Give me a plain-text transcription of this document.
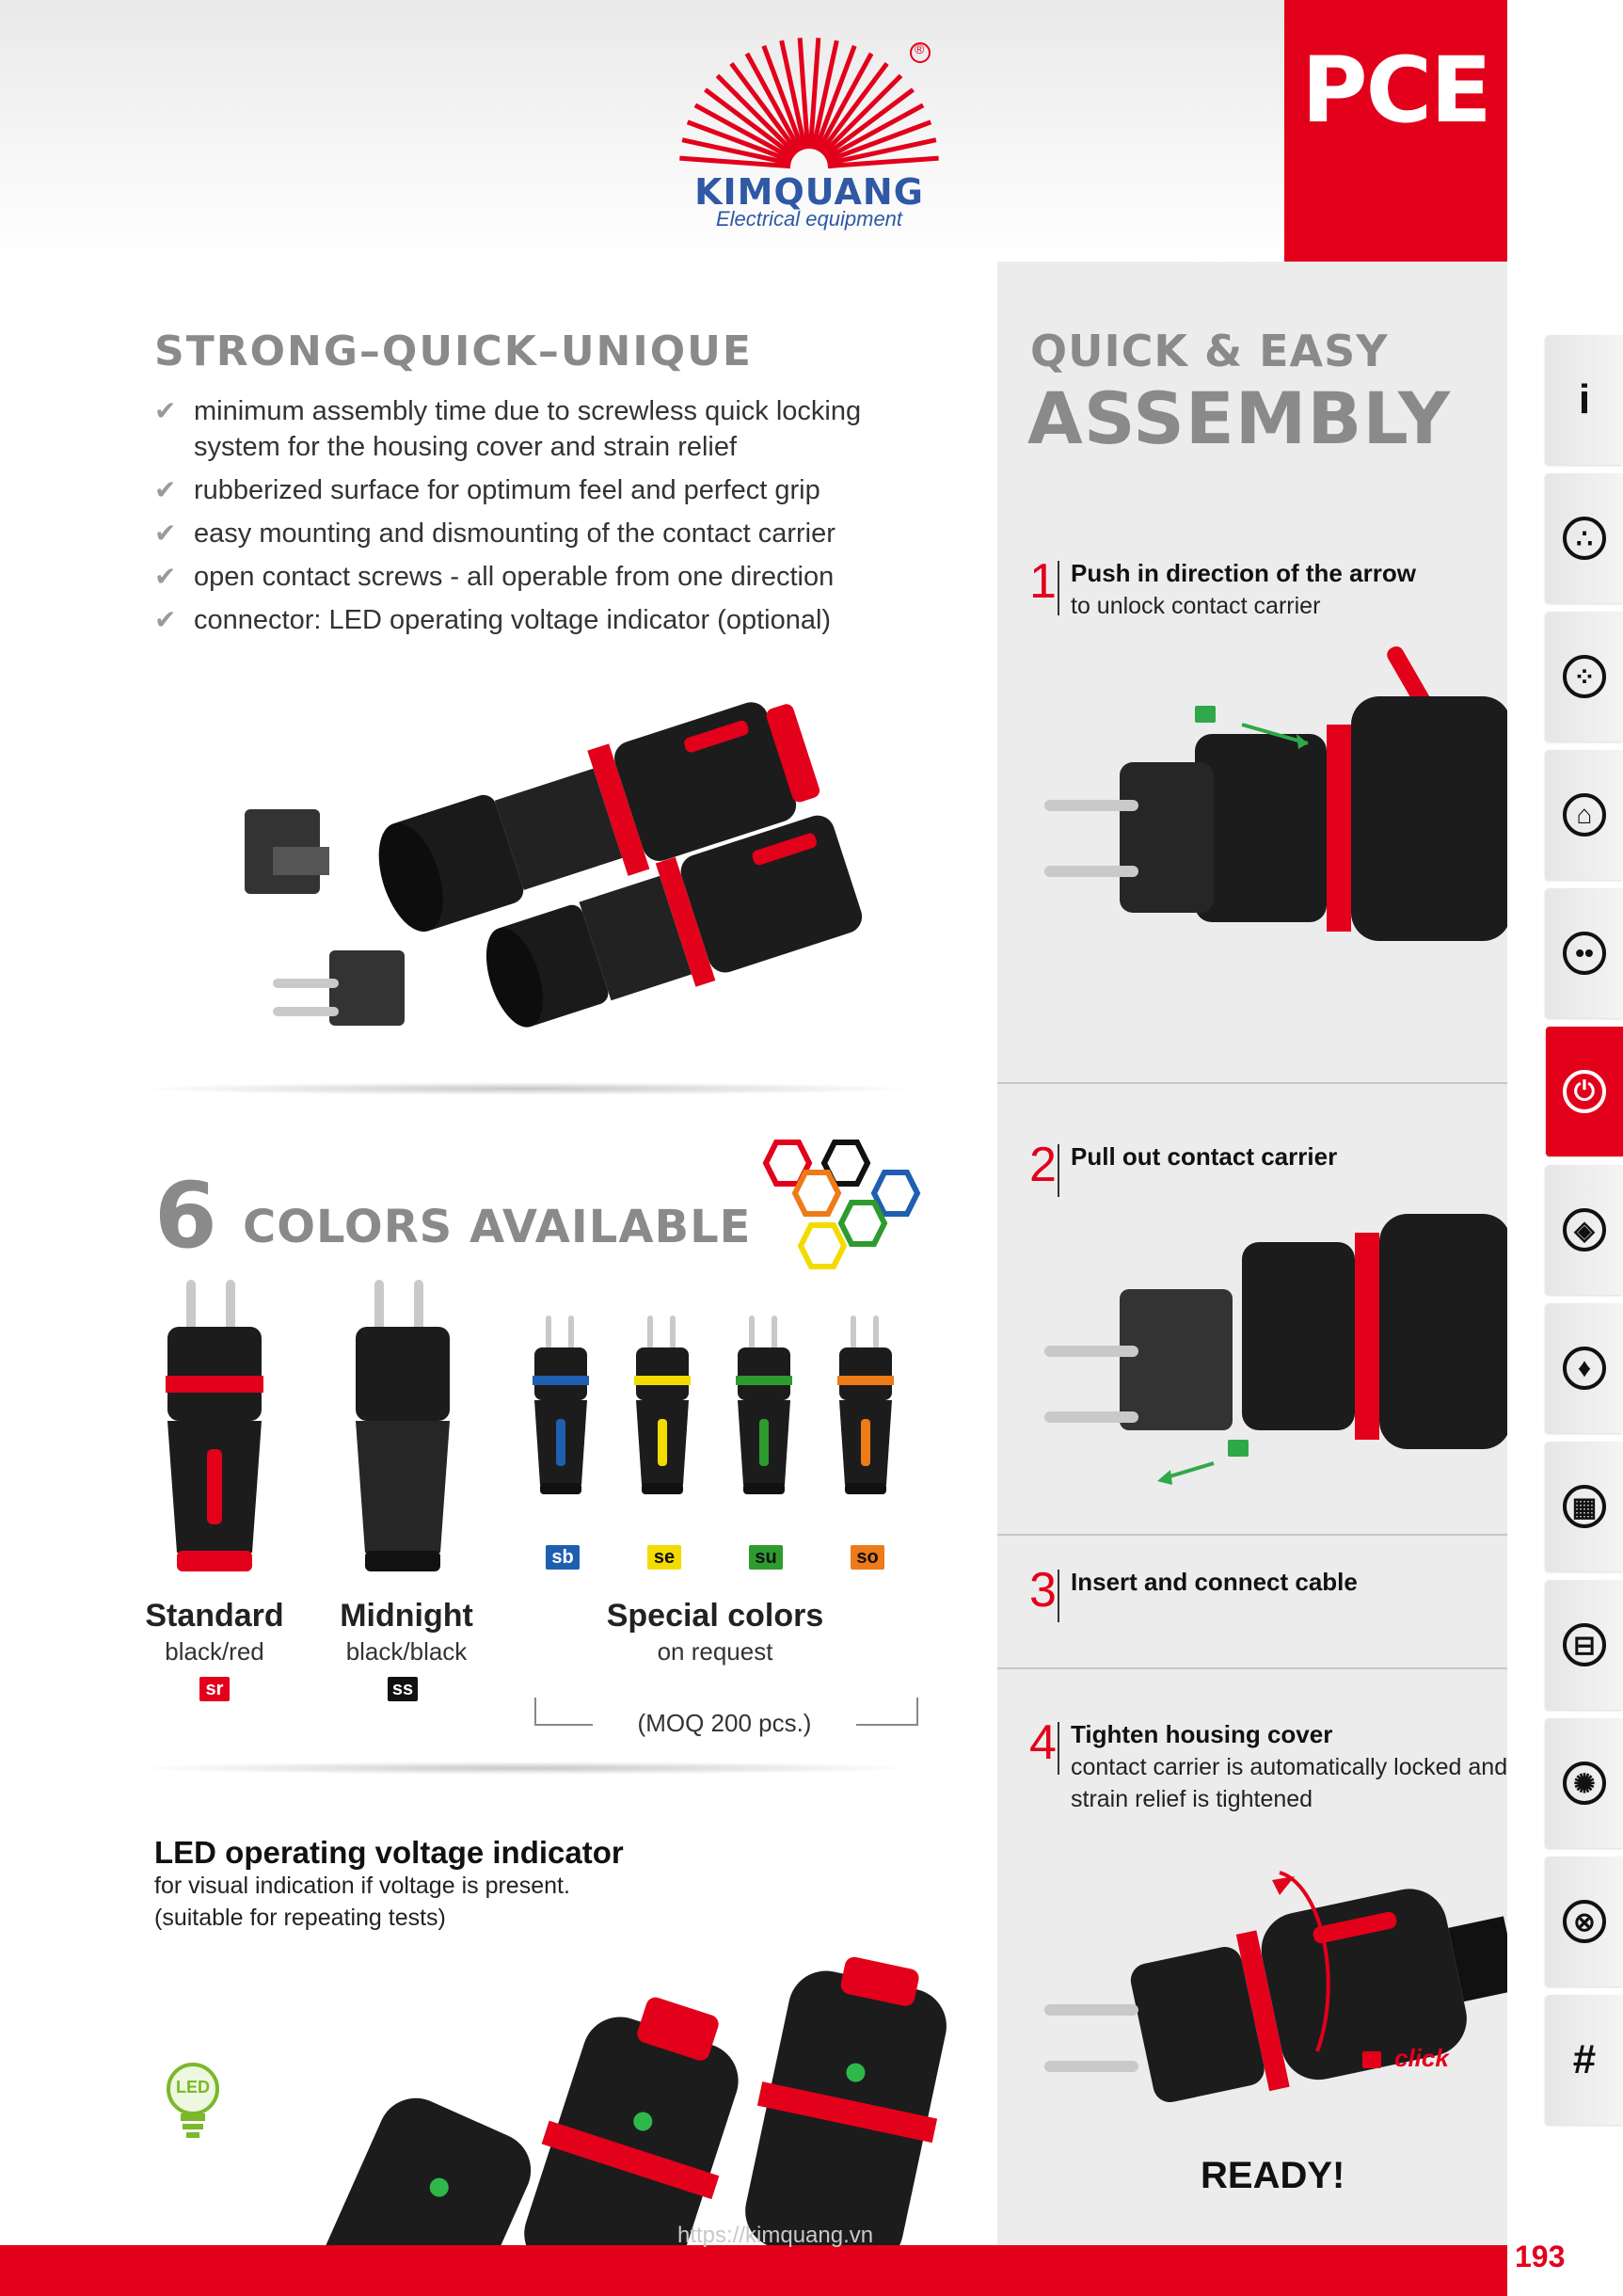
®
KIMQUANG
Electrical equipment
PCE
STRONG–QUICK–UNIQUE
✔ minimum assembly time due to screwless quick locking system for the housing cover and strain relief
✔ rubberized surface for optimum feel and perfect grip
✔ easy mounting and dismounting of the contact carrier
✔ open contact screws - all operable from one direction
✔ connector: LED operating voltage indicator (optional)
6 COLORS AVAILABLE
sb	se	su	so
Standard
black/red
sr
Midnight
black/black
ss
Special colors
on request
(MOQ 200 pcs.)
LED operating voltage indicator
for visual indication if voltage is present.
(suitable for repeating tests)
LED
QUICK & EASY
ASSEMBLY
1 Push in direction of the arrow
to unlock contact carrier
2 Pull out contact carrier
3 Insert and connect cable
4 Tighten housing cover
contact carrier is automatically locked and
strain relief is tightened
click
READY!
i
∴
⁘
⌂
••
⏻
◈
♦
▦
⊟
✺
⊗
#
https://kimquang.vn
193
